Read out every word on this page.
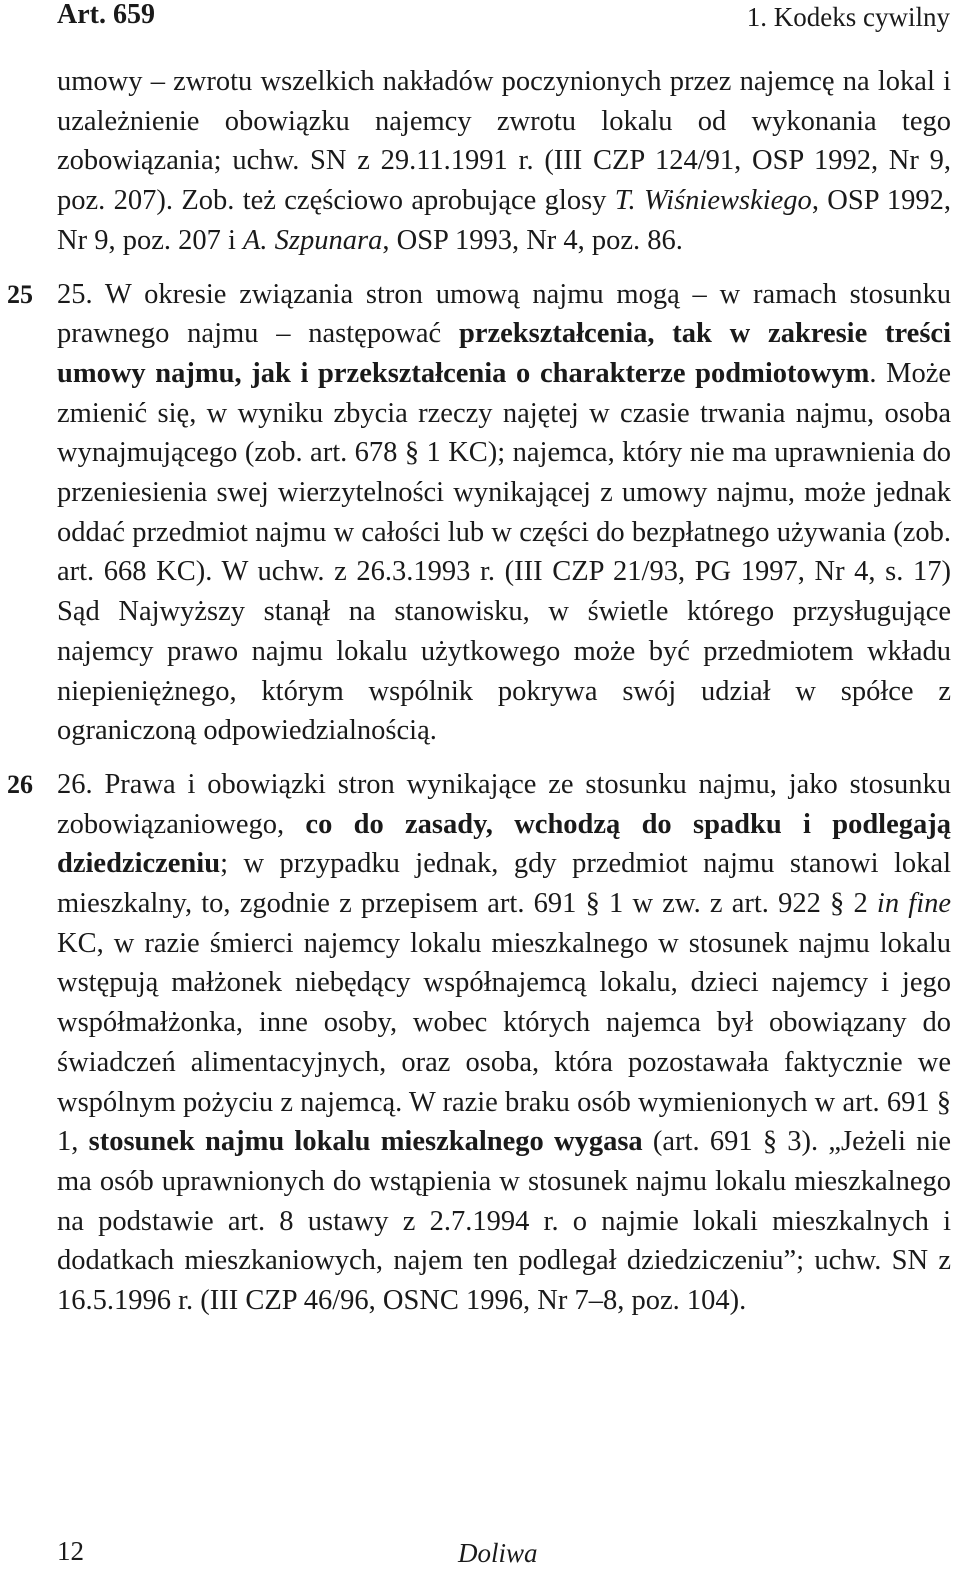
Art. 659	1. Kodeks cywilny

umowy – zwrotu wszelkich nakładów poczynionych przez najemcę na lokal i uzależnienie obowiązku najemcy zwrotu lokalu od wykonania tego zobowiązania; uchw. SN z 29.11.1991 r. (III CZP 124/91, OSP 1992, Nr 9, poz. 207). Zob. też częściowo aprobujące glosy T. Wiśniewskiego, OSP 1992, Nr 9, poz. 207 i A. Szpunara, OSP 1993, Nr 4, poz. 86.

25 25. W okresie związania stron umową najmu mogą – w ramach stosunku prawnego najmu – następować przekształcenia, tak w zakresie treści umowy najmu, jak i przekształcenia o charakterze podmiotowym. Może zmienić się, w wyniku zbycia rzeczy najętej w czasie trwania najmu, osoba wynajmującego (zob. art. 678 § 1 KC); najemca, który nie ma uprawnienia do przeniesienia swej wierzytelności wynikającej z umowy najmu, może jednak oddać przedmiot najmu w całości lub w części do bezpłatnego używania (zob. art. 668 KC). W uchw. z 26.3.1993 r. (III CZP 21/93, PG 1997, Nr 4, s. 17) Sąd Najwyższy stanął na stanowisku, w świetle którego przysługujące najemcy prawo najmu lokalu użytkowego może być przedmiotem wkładu niepieniężnego, którym wspólnik pokrywa swój udział w spółce z ograniczoną odpowiedzialnością.

26 26. Prawa i obowiązki stron wynikające ze stosunku najmu, jako stosunku zobowiązaniowego, co do zasady, wchodzą do spadku i podlegają dziedziczeniu; w przypadku jednak, gdy przedmiot najmu stanowi lokal mieszkalny, to, zgodnie z przepisem art. 691 § 1 w zw. z art. 922 § 2 in fine KC, w razie śmierci najemcy lokalu mieszkalnego w stosunek najmu lokalu wstępują małżonek niebędący współnajemcą lokalu, dzieci najemcy i jego współmałżonka, inne osoby, wobec których najemca był obowiązany do świadczeń alimentacyjnych, oraz osoba, która pozostawała faktycznie we wspólnym pożyciu z najemcą. W razie braku osób wymienionych w art. 691 § 1, stosunek najmu lokalu mieszkalnego wygasa (art. 691 § 3). „Jeżeli nie ma osób uprawnionych do wstąpienia w stosunek najmu lokalu mieszkalnego na podstawie art. 8 ustawy z 2.7.1994 r. o najmie lokali mieszkalnych i dodatkach mieszkaniowych, najem ten podlegał dziedziczeniu”; uchw. SN z 16.5.1996 r. (III CZP 46/96, OSNC 1996, Nr 7–8, poz. 104).

12	Doliwa
